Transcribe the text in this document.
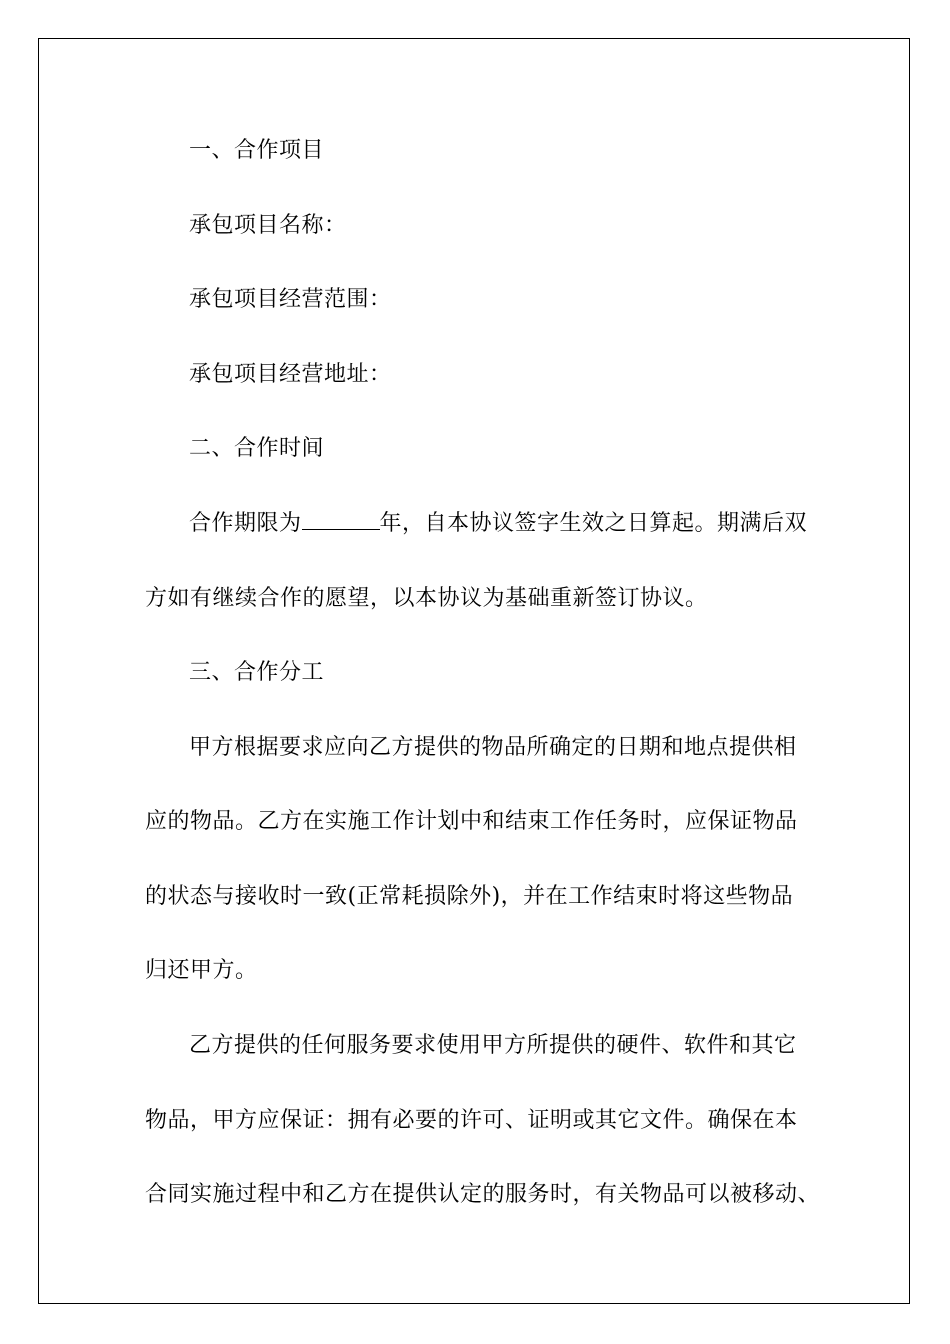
一、合作项目
承包项目名称：
承包项目经营范围：
承包项目经营地址：
二、合作时间
合作期限为	年，自本协议签字生效之日算起。期满后双
方如有继续合作的愿望，以本协议为基础重新签订协议。
三、合作分工
甲方根据要求应向乙方提供的物品所确定的日期和地点提供相
应的物品。乙方在实施工作计划中和结束工作任务时，应保证物品
的状态与接收时一致(正常耗损除外)，并在工作结束时将这些物品
归还甲方。
乙方提供的任何服务要求使用甲方所提供的硬件、软件和其它
物品，甲方应保证：拥有必要的许可、证明或其它文件。确保在本
合同实施过程中和乙方在提供认定的服务时，有关物品可以被移动、
